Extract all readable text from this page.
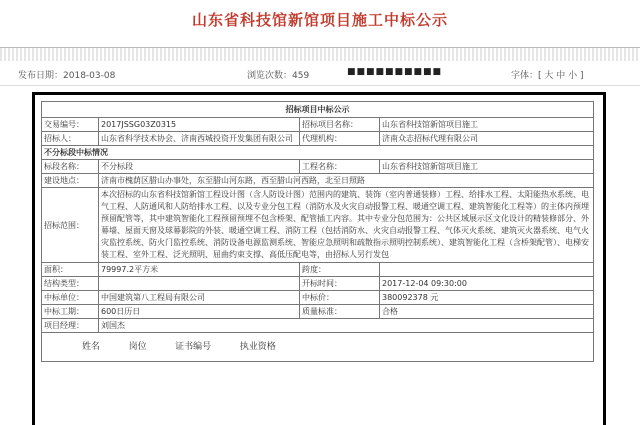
山东省科技馆新馆项目施工中标公示
发布日期：2018-03-08	浏览次数：459	■■■■■■■■■■	字体：[ 大 中 小 ]
招标项目中标公示			
交易编号：	2017JSSG03Z0315	招标项目名称：	山东省科技馆新馆项目施工
招标人：	山东省科学技术协会、济南西城投资开发集团有限公司	代理机构：	济南众志招标代理有限公司
不分标段中标情况			
标段名称：	不分标段	工程名称：	山东省科技馆新馆项目施工
建设地点：	济南市槐荫区腊山办事处，东至腊山河东路，西至腊山河西路，北至日照路		
招标范围：	本次招标的山东省科技馆新馆工程设计图（含人防设计图）范围内的建筑、装饰（室内普通装修）工程、给排水工程、太阳能热水系统、电气工程、人防通风和人防给排水工程、以及专业分包工程（消防水及火灾自动报警工程、暖通空调工程、建筑智能化工程等）的主体内预埋预留配管等，其中建筑智能化工程预留预埋不包含桥架、配管插工内容。其中专业分包范围为：公共区域展示区文化设计的精装修部分、外幕墙、屋面天窗及球幕影院的外装、暖通空调工程、消防工程（包括消防水、火灾自动报警工程、气体灭火系统、建筑灭火器系统、电气火灾监控系统、防火门监控系统、消防设备电源监测系统、智能应急照明和疏散指示照明控制系统）、建筑智能化工程（含桥架配管）、电梯安装工程、室外工程、泛光照明、屈曲约束支撑、高低压配电等，由招标人另行发包		
面积：	79997.2平方米	跨度：	
结构类型：		开标时间：	2017-12-04 09:30:00
中标单位：	中国建筑第八工程局有限公司	中标价：	380092378 元
中标工期：	600日历日	质量标准：	合格
项目经理：	刘国杰		
姓名 岗位 证书编号 执业资格			
